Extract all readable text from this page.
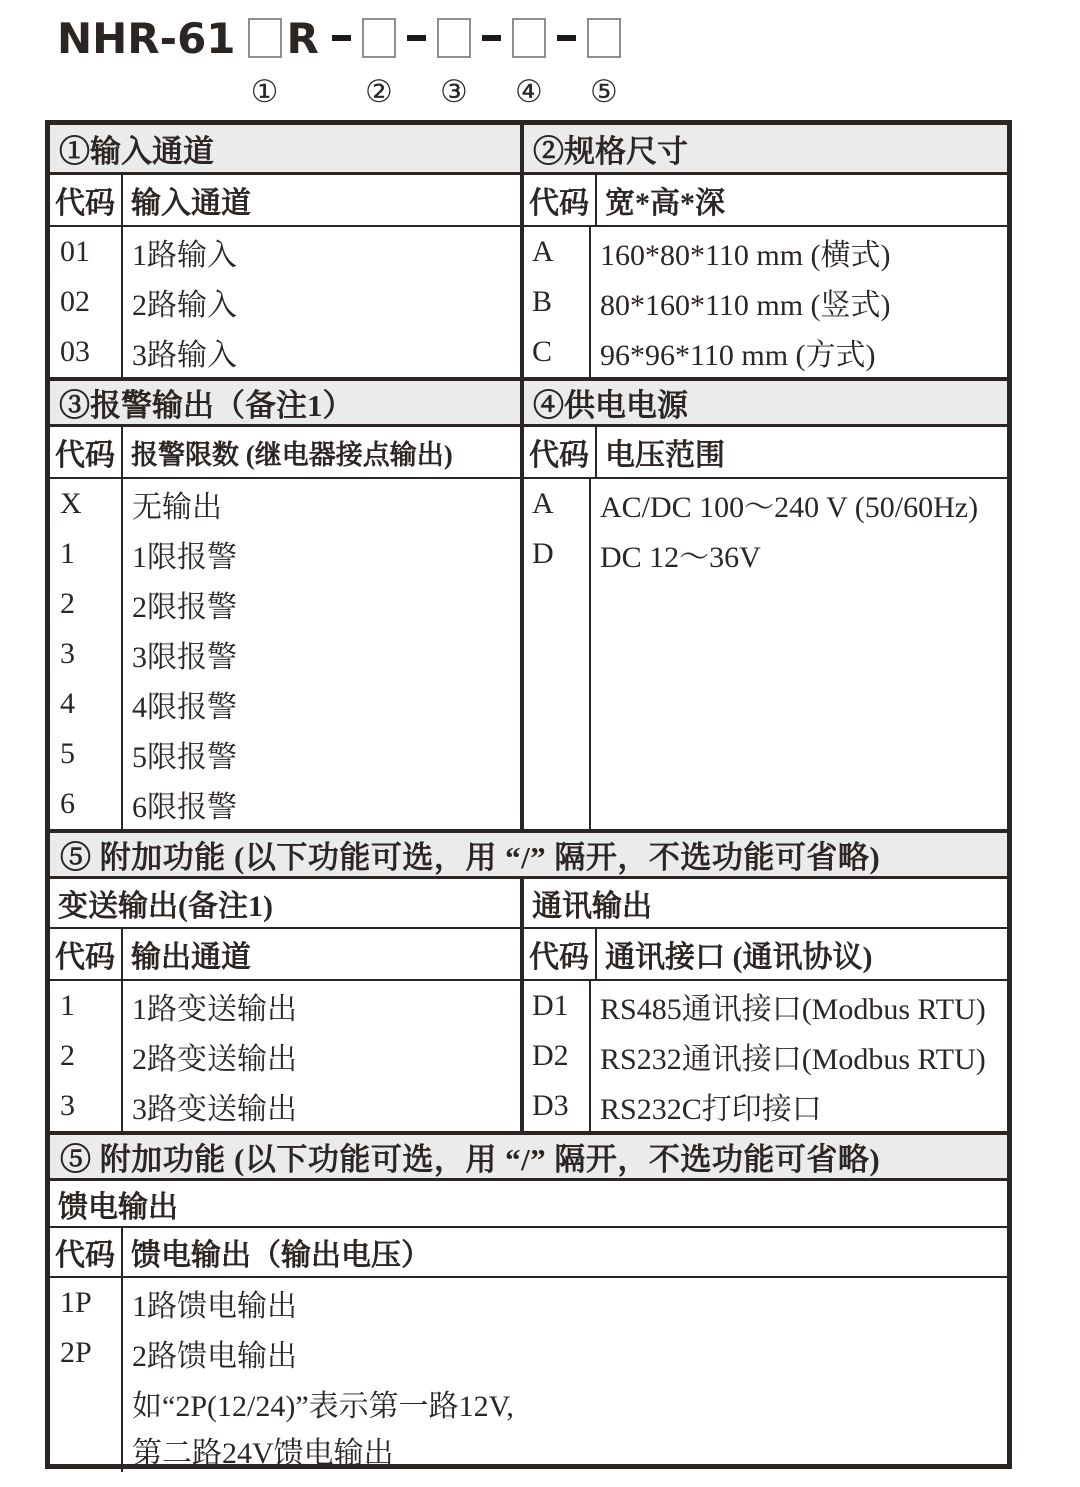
NHR-61 R
①	② ③ ④ ⑤
①输入通道	②规格尺寸
代码 输入通道	代码 宽*高*深
01	1路输入
02	2路输入
03	3路输入
A	160*80*110 mm (横式)
B	80*160*110 mm (竖式)
C	96*96*110 mm (方式)
③报警输出（备注1）	④供电电源
代码 报警限数 (继电器接点输出)	代码 电压范围
X	无输出
1	1限报警
2	2限报警
3	3限报警
4	4限报警
5	5限报警
6	6限报警
A	AC/DC 100～240 V (50/60Hz)
D	DC 12～36V
⑤ 附加功能 (以下功能可选，用 “/” 隔开，不选功能可省略)
变送输出(备注1)	通讯输出
代码 输出通道	代码 通讯接口 (通讯协议)
1	1路变送输出
2	2路变送输出
3	3路变送输出
D1	RS485通讯接口(Modbus RTU)
D2	RS232通讯接口(Modbus RTU)
D3	RS232C打印接口
⑤ 附加功能 (以下功能可选，用 “/” 隔开，不选功能可省略)
馈电输出
代码 馈电输出（输出电压）
1P	1路馈电输出
2P	2路馈电输出
如“2P(12/24)”表示第一路12V,
第二路24V馈电输出
